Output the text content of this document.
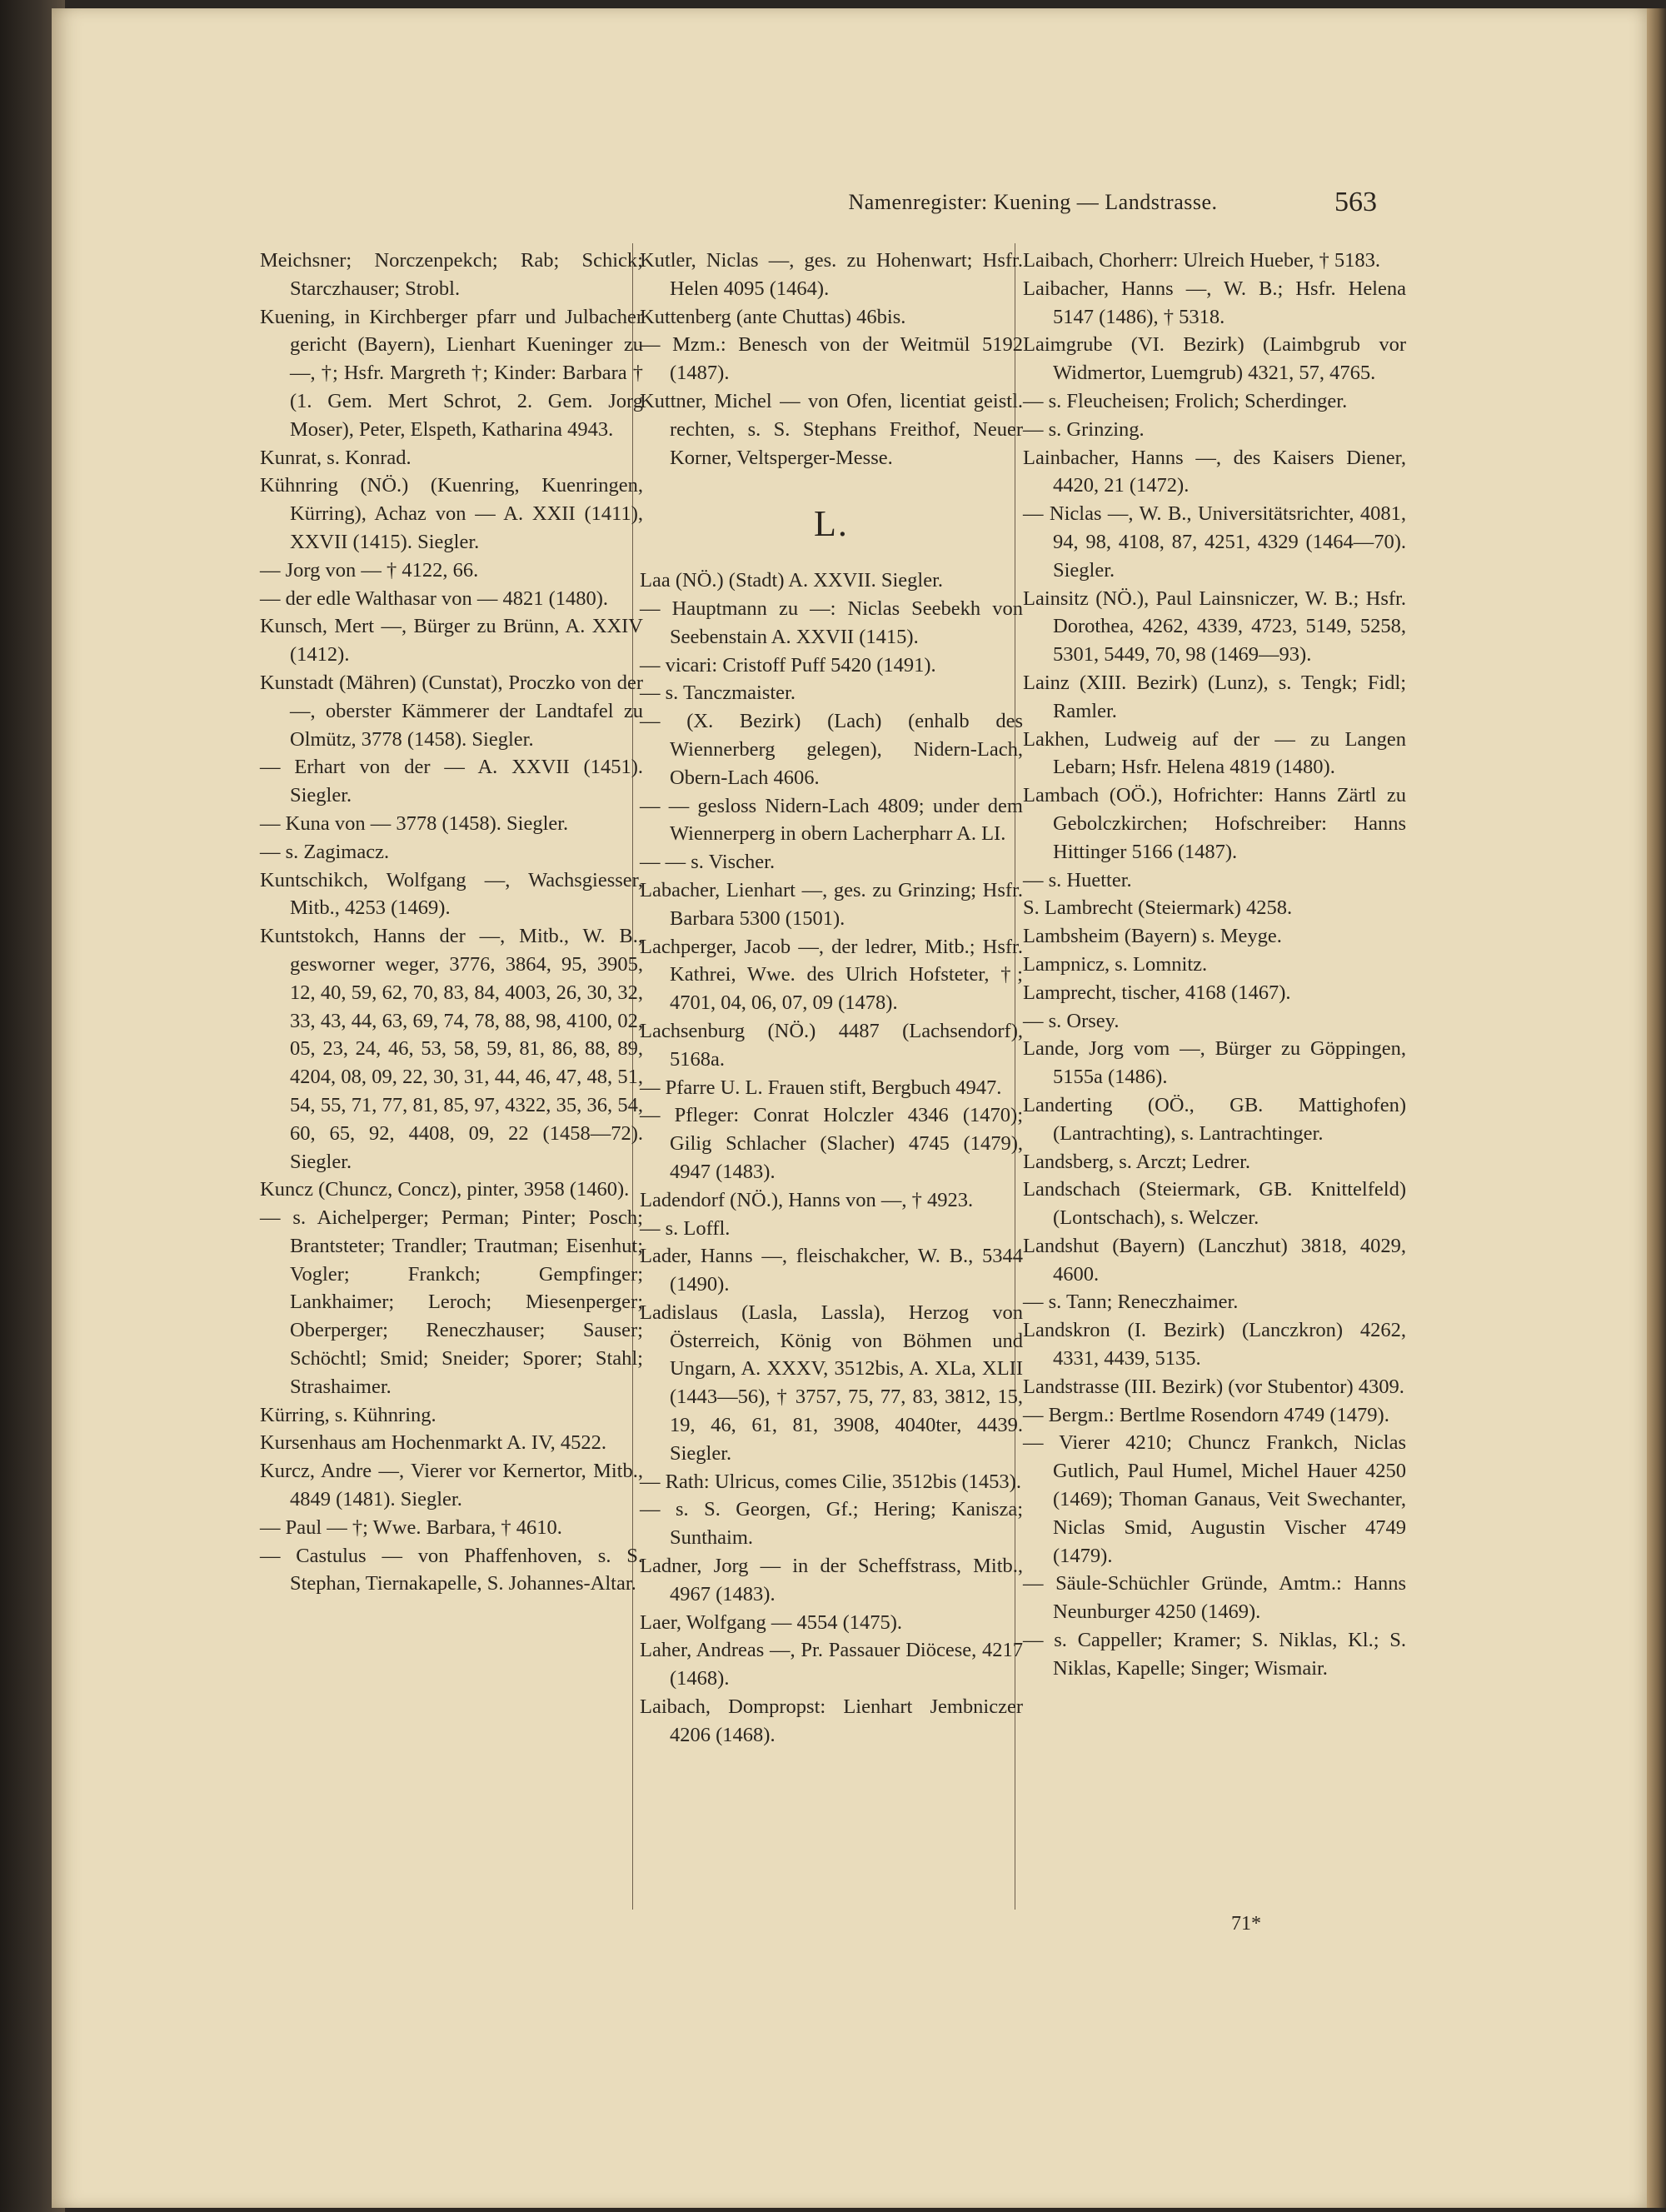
Namenregister: Kuening — Landstrasse.	563

Meichsner; Norczenpekch; Rab; Schick; Starczhauser; Strobl.

Kuening, in Kirchberger pfarr und Julbacher gericht (Bayern), Lienhart Kueninger zu —, †; Hsfr. Margreth †; Kinder: Barbara † (1. Gem. Mert Schrot, 2. Gem. Jorg Moser), Peter, Elspeth, Katharina 4943.

Kunrat, s. Konrad.

Kühnring (NÖ.) (Kuenring, Kuenringen, Kürring), Achaz von — A. XXII (1411), XXVII (1415). Siegler.

— Jorg von — † 4122, 66.

— der edle Walthasar von — 4821 (1480).

Kunsch, Mert —, Bürger zu Brünn, A. XXIV (1412).

Kunstadt (Mähren) (Cunstat), Proczko von der —, oberster Kämmerer der Landtafel zu Olmütz, 3778 (1458). Siegler.

— Erhart von der — A. XXVII (1451). Siegler.

— Kuna von — 3778 (1458). Siegler.

— s. Zagimacz.

Kuntschikch, Wolfgang —, Wachsgiesser, Mitb., 4253 (1469).

Kuntstokch, Hanns der —, Mitb., W. B., gesworner weger, 3776, 3864, 95, 3905, 12, 40, 59, 62, 70, 83, 84, 4003, 26, 30, 32, 33, 43, 44, 63, 69, 74, 78, 88, 98, 4100, 02, 05, 23, 24, 46, 53, 58, 59, 81, 86, 88, 89, 4204, 08, 09, 22, 30, 31, 44, 46, 47, 48, 51, 54, 55, 71, 77, 81, 85, 97, 4322, 35, 36, 54, 60, 65, 92, 4408, 09, 22 (1458—72). Siegler.

Kuncz (Chuncz, Concz), pinter, 3958 (1460).

— s. Aichelperger; Perman; Pinter; Posch; Brantsteter; Trandler; Trautman; Eisenhut; Vogler; Frankch; Gempfinger; Lankhaimer; Leroch; Miesenperger; Oberperger; Reneczhauser; Sauser; Schöchtl; Smid; Sneider; Sporer; Stahl; Strashaimer.

Kürring, s. Kühnring.

Kursenhaus am Hochenmarkt A. IV, 4522.

Kurcz, Andre —, Vierer vor Kernertor, Mitb., 4849 (1481). Siegler.

— Paul — †; Wwe. Barbara, † 4610.

— Castulus — von Phaffenhoven, s. S. Stephan, Tiernakapelle, S. Johannes-Altar.

Kutler, Niclas —, ges. zu Hohenwart; Hsfr. Helen 4095 (1464).

Kuttenberg (ante Chuttas) 46bis.

— Mzm.: Benesch von der Weitmül 5192 (1487).

Kuttner, Michel — von Ofen, licentiat geistl. rechten, s. S. Stephans Freithof, Neuer Korner, Veltsperger-Messe.

L.

Laa (NÖ.) (Stadt) A. XXVII. Siegler.

— Hauptmann zu —: Niclas Seebekh von Seebenstain A. XXVII (1415).

— vicari: Cristoff Puff 5420 (1491).

— s. Tanczmaister.

— (X. Bezirk) (Lach) (enhalb des Wiennerberg gelegen), Nidern-Lach, Obern-Lach 4606.

— — gesloss Nidern-Lach 4809; under dem Wiennerperg in obern Lacherpharr A. LI.

— — s. Vischer.

Labacher, Lienhart —, ges. zu Grinzing; Hsfr. Barbara 5300 (1501).

Lachperger, Jacob —, der ledrer, Mitb.; Hsfr. Kathrei, Wwe. des Ulrich Hofsteter, †; 4701, 04, 06, 07, 09 (1478).

Lachsenburg (NÖ.) 4487 (Lachsendorf), 5168a.

— Pfarre U. L. Frauen stift, Bergbuch 4947.

— Pfleger: Conrat Holczler 4346 (1470); Gilig Schlacher (Slacher) 4745 (1479), 4947 (1483).

Ladendorf (NÖ.), Hanns von —, † 4923.

— s. Loffl.

Lader, Hanns —, fleischakcher, W. B., 5344 (1490).

Ladislaus (Lasla, Lassla), Herzog von Österreich, König von Böhmen und Ungarn, A. XXXV, 3512bis, A. XLa, XLII (1443—56), † 3757, 75, 77, 83, 3812, 15, 19, 46, 61, 81, 3908, 4040ter, 4439. Siegler.

— Rath: Ulricus, comes Cilie, 3512bis (1453).

— s. S. Georgen, Gf.; Hering; Kanisza; Sunthaim.

Ladner, Jorg — in der Scheffstrass, Mitb., 4967 (1483).

Laer, Wolfgang — 4554 (1475).

Laher, Andreas —, Pr. Passauer Diöcese, 4217 (1468).

Laibach, Dompropst: Lienhart Jembniczer 4206 (1468).

Laibach, Chorherr: Ulreich Hueber, † 5183.

Laibacher, Hanns —, W. B.; Hsfr. Helena 5147 (1486), † 5318.

Laimgrube (VI. Bezirk) (Laimbgrub vor Widmertor, Luemgrub) 4321, 57, 4765.

— s. Fleucheisen; Frolich; Scherdinger.

— s. Grinzing.

Lainbacher, Hanns —, des Kaisers Diener, 4420, 21 (1472).

— Niclas —, W. B., Universitätsrichter, 4081, 94, 98, 4108, 87, 4251, 4329 (1464—70). Siegler.

Lainsitz (NÖ.), Paul Lainsniczer, W. B.; Hsfr. Dorothea, 4262, 4339, 4723, 5149, 5258, 5301, 5449, 70, 98 (1469—93).

Lainz (XIII. Bezirk) (Lunz), s. Tengk; Fidl; Ramler.

Lakhen, Ludweig auf der — zu Langen Lebarn; Hsfr. Helena 4819 (1480).

Lambach (OÖ.), Hofrichter: Hanns Zärtl zu Gebolczkirchen; Hofschreiber: Hanns Hittinger 5166 (1487).

— s. Huetter.

S. Lambrecht (Steiermark) 4258.

Lambsheim (Bayern) s. Meyge.

Lampnicz, s. Lomnitz.

Lamprecht, tischer, 4168 (1467).

— s. Orsey.

Lande, Jorg vom —, Bürger zu Göppingen, 5155a (1486).

Landerting (OÖ., GB. Mattighofen) (Lantrachting), s. Lantrachtinger.

Landsberg, s. Arczt; Ledrer.

Landschach (Steiermark, GB. Knittelfeld) (Lontschach), s. Welczer.

Landshut (Bayern) (Lanczhut) 3818, 4029, 4600.

— s. Tann; Reneczhaimer.

Landskron (I. Bezirk) (Lanczkron) 4262, 4331, 4439, 5135.

Landstrasse (III. Bezirk) (vor Stubentor) 4309.

— Bergm.: Bertlme Rosendorn 4749 (1479).

— Vierer 4210; Chuncz Frankch, Niclas Gutlich, Paul Humel, Michel Hauer 4250 (1469); Thoman Ganaus, Veit Swechanter, Niclas Smid, Augustin Vischer 4749 (1479).

— Säule-Schüchler Gründe, Amtm.: Hanns Neunburger 4250 (1469).

— s. Cappeller; Kramer; S. Niklas, Kl.; S. Niklas, Kapelle; Singer; Wismair.

71*
